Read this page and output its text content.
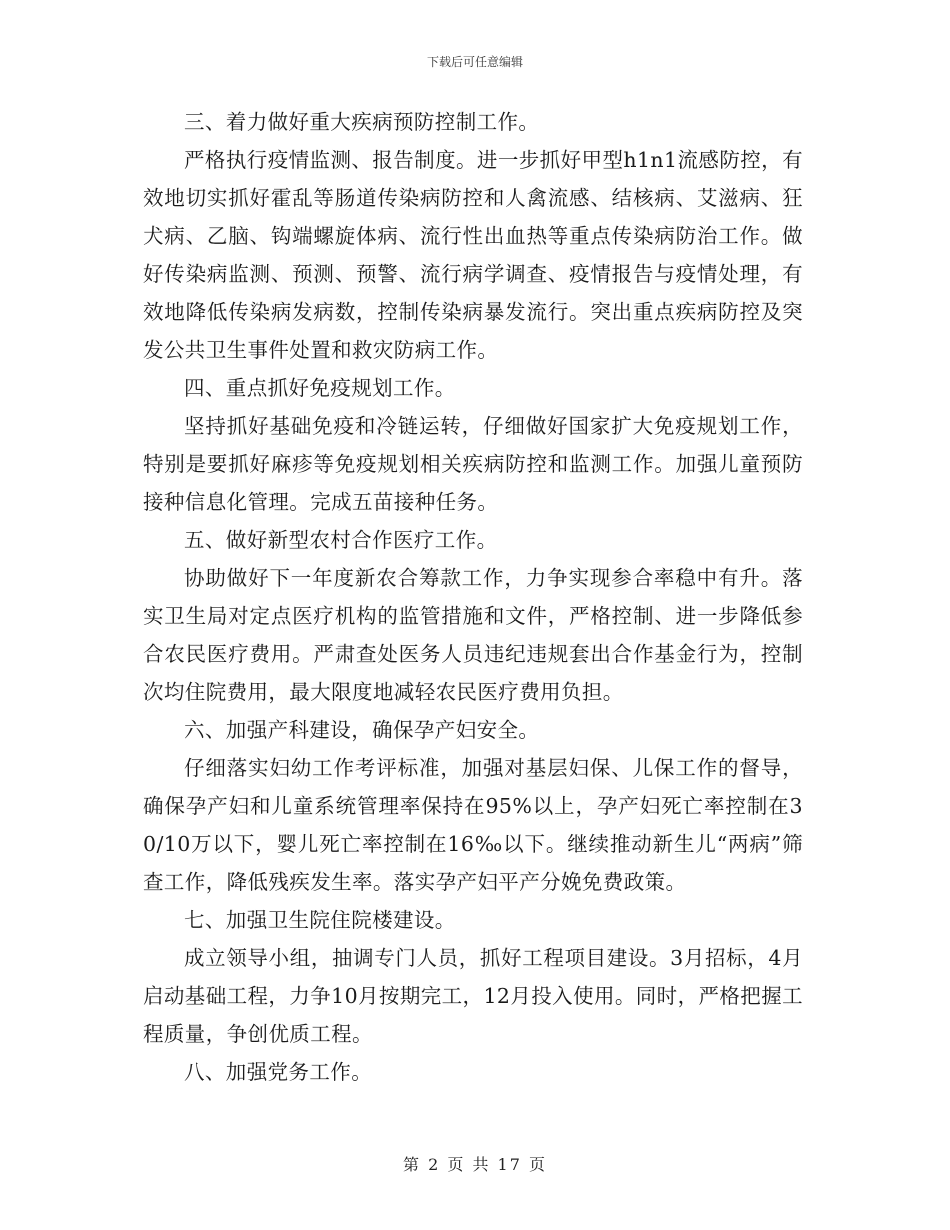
下载后可任意编辑

三、着力做好重大疾病预防控制工作。

严格执行疫情监测、报告制度。进一步抓好甲型h1n1流感防控，有效地切实抓好霍乱等肠道传染病防控和人禽流感、结核病、艾滋病、狂犬病、乙脑、钩端螺旋体病、流行性出血热等重点传染病防治工作。做好传染病监测、预测、预警、流行病学调查、疫情报告与疫情处理，有效地降低传染病发病数，控制传染病暴发流行。突出重点疾病防控及突发公共卫生事件处置和救灾防病工作。

四、重点抓好免疫规划工作。

坚持抓好基础免疫和冷链运转，仔细做好国家扩大免疫规划工作，特别是要抓好麻疹等免疫规划相关疾病防控和监测工作。加强儿童预防接种信息化管理。完成五苗接种任务。

五、做好新型农村合作医疗工作。

协助做好下一年度新农合筹款工作，力争实现参合率稳中有升。落实卫生局对定点医疗机构的监管措施和文件，严格控制、进一步降低参合农民医疗费用。严肃查处医务人员违纪违规套出合作基金行为，控制次均住院费用，最大限度地减轻农民医疗费用负担。

六、加强产科建设，确保孕产妇安全。

仔细落实妇幼工作考评标准，加强对基层妇保、儿保工作的督导，确保孕产妇和儿童系统管理率保持在95%以上，孕产妇死亡率控制在30/10万以下，婴儿死亡率控制在16‰以下。继续推动新生儿“两病”筛查工作，降低残疾发生率。落实孕产妇平产分娩免费政策。

七、加强卫生院住院楼建设。

成立领导小组，抽调专门人员，抓好工程项目建设。3月招标，4月启动基础工程，力争10月按期完工，12月投入使用。同时，严格把握工程质量，争创优质工程。

八、加强党务工作。

第 2 页 共 17 页
